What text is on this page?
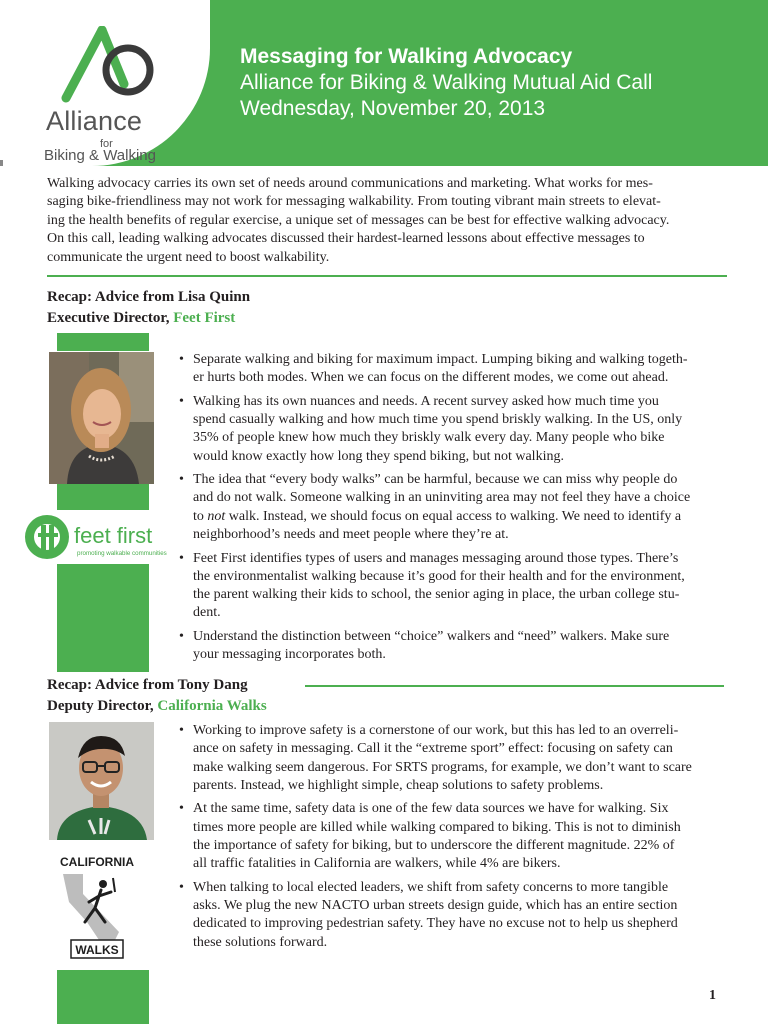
Alliance
for
Biking & Walking
Messaging for Walking Advocacy
Alliance for Biking & Walking Mutual Aid Call
Wednesday, November 20, 2013
Walking advocacy carries its own set of needs around communications and marketing. What works for mes-
saging bike-friendliness may not work for messaging walkability. From touting vibrant main streets to elevat-
ing the health benefits of regular exercise, a unique set of messages can be best for effective walking advocacy.
On this call, leading walking advocates discussed their hardest-learned lessons about effective messages to
communicate the urgent need to boost walkability.
Recap: Advice from Lisa Quinn
Executive Director, Feet First
feet first
promoting walkable communities
• Separate walking and biking for maximum impact. Lumping biking and walking togeth-
er hurts both modes. When we can focus on the different modes, we come out ahead.
• Walking has its own nuances and needs. A recent survey asked how much time you
spend casually walking and how much time you spend briskly walking. In the US, only
35% of people knew how much they briskly walk every day. Many people who bike
would know exactly how long they spend biking, but not walking.
• The idea that “every body walks” can be harmful, because we can miss why people do
and do not walk. Someone walking in an uninviting area may not feel they have a choice
to not walk. Instead, we should focus on equal access to walking. We need to identify a
neighborhood’s needs and meet people where they’re at.
• Feet First identifies types of users and manages messaging around those types. There’s
the environmentalist walking because it’s good for their health and for the environment,
the parent walking their kids to school, the senior aging in place, the urban college stu-
dent.
• Understand the distinction between “choice” walkers and “need” walkers. Make sure
your messaging incorporates both.
Recap: Advice from Tony Dang
Deputy Director, California Walks
CALIFORNIA
WALKS
• Working to improve safety is a cornerstone of our work, but this has led to an overreli-
ance on safety in messaging. Call it the “extreme sport” effect: focusing on safety can
make walking seem dangerous. For SRTS programs, for example, we don’t want to scare
parents. Instead, we highlight simple, cheap solutions to safety problems.
• At the same time, safety data is one of the few data sources we have for walking. Six
times more people are killed while walking compared to biking. This is not to diminish
the importance of safety for biking, but to underscore the different magnitude. 22% of
all traffic fatalities in California are walkers, while 4% are bikers.
• When talking to local elected leaders, we shift from safety concerns to more tangible
asks. We plug the new NACTO urban streets design guide, which has an entire section
dedicated to improving pedestrian safety. They have no excuse not to help us shepherd
these solutions forward.
1
